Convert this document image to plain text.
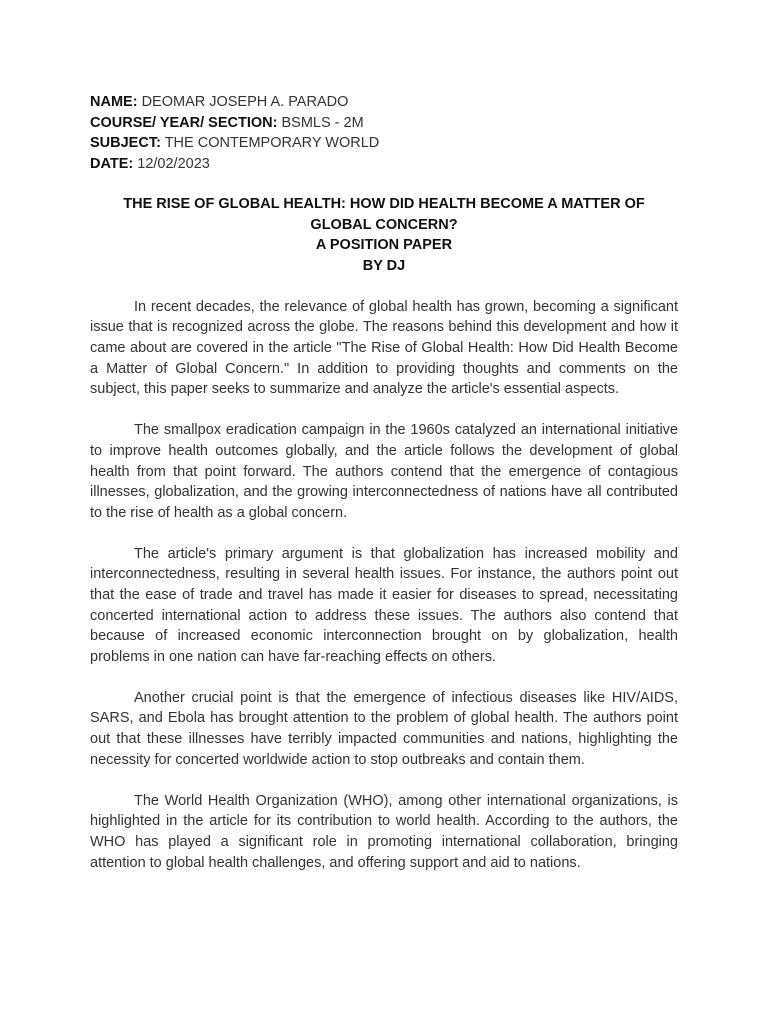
NAME: DEOMAR JOSEPH A. PARADO
COURSE/ YEAR/ SECTION: BSMLS - 2M
SUBJECT: THE CONTEMPORARY WORLD
DATE: 12/02/2023
THE RISE OF GLOBAL HEALTH: HOW DID HEALTH BECOME A MATTER OF
GLOBAL CONCERN?
A POSITION PAPER
BY DJ

In recent decades, the relevance of global health has grown, becoming a significant issue that is recognized across the globe. The reasons behind this development and how it came about are covered in the article "The Rise of Global Health: How Did Health Become a Matter of Global Concern." In addition to providing thoughts and comments on the subject, this paper seeks to summarize and analyze the article's essential aspects.

The smallpox eradication campaign in the 1960s catalyzed an international initiative to improve health outcomes globally, and the article follows the development of global health from that point forward. The authors contend that the emergence of contagious illnesses, globalization, and the growing interconnectedness of nations have all contributed to the rise of health as a global concern.

The article's primary argument is that globalization has increased mobility and interconnectedness, resulting in several health issues. For instance, the authors point out that the ease of trade and travel has made it easier for diseases to spread, necessitating concerted international action to address these issues. The authors also contend that because of increased economic interconnection brought on by globalization, health problems in one nation can have far-reaching effects on others.

Another crucial point is that the emergence of infectious diseases like HIV/AIDS, SARS, and Ebola has brought attention to the problem of global health. The authors point out that these illnesses have terribly impacted communities and nations, highlighting the necessity for concerted worldwide action to stop outbreaks and contain them.

The World Health Organization (WHO), among other international organizations, is highlighted in the article for its contribution to world health. According to the authors, the WHO has played a significant role in promoting international collaboration, bringing attention to global health challenges, and offering support and aid to nations.
